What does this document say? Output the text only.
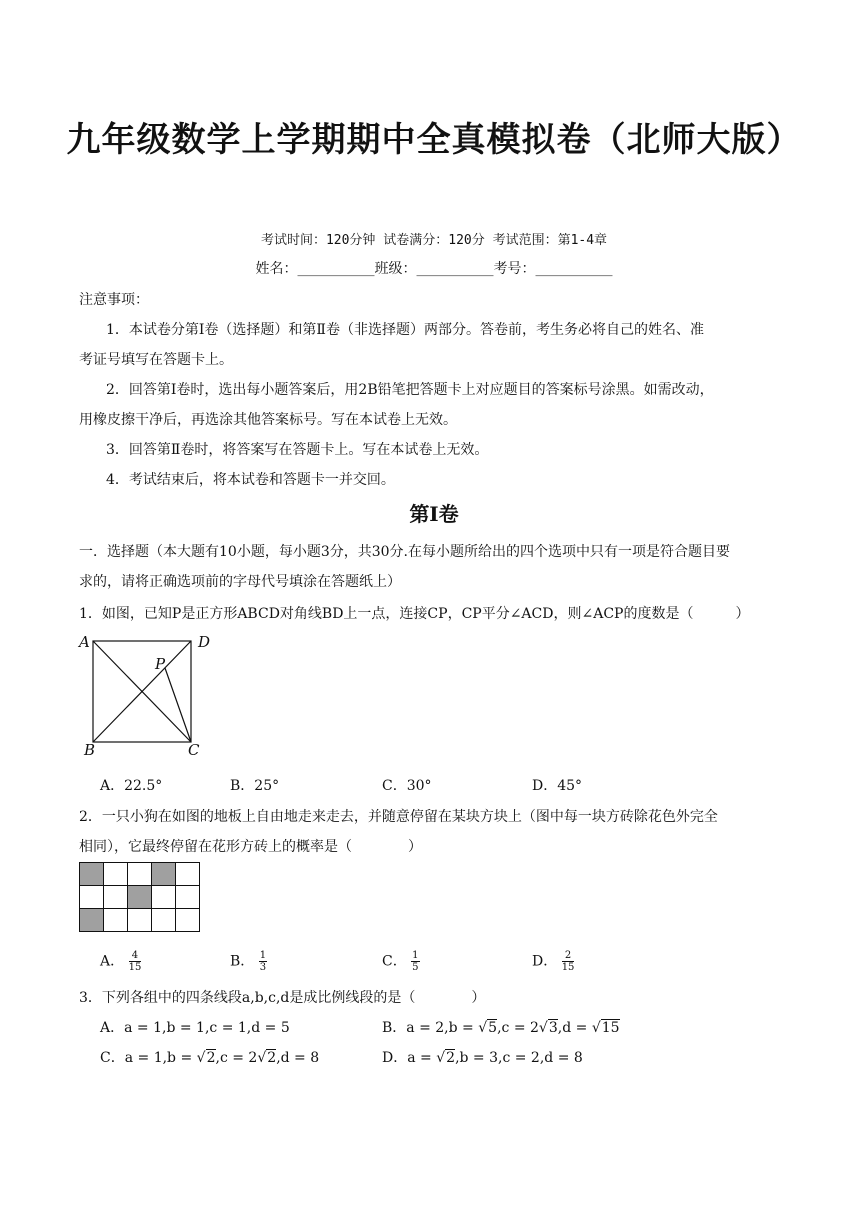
九年级数学上学期期中全真模拟卷（北师大版）
考试时间：120分钟 试卷满分：120分 考试范围：第1-4章
姓名：___________班级：___________考号：___________
注意事项：
1．本试卷分第Ⅰ卷（选择题）和第Ⅱ卷（非选择题）两部分。答卷前，考生务必将自己的姓名、准
考证号填写在答题卡上。
2．回答第Ⅰ卷时，选出每小题答案后，用2B铅笔把答题卡上对应题目的答案标号涂黑。如需改动，
用橡皮擦干净后，再选涂其他答案标号。写在本试卷上无效。
3．回答第Ⅱ卷时，将答案写在答题卡上。写在本试卷上无效。
4．考试结束后，将本试卷和答题卡一并交回。
第Ⅰ卷
一．选择题（本大题有10小题，每小题3分，共30分.在每小题所给出的四个选项中只有一项是符合题目要
求的，请将正确选项前的字母代号填涂在答题纸上）
1．如图，已知P是正方形ABCD对角线BD上一点，连接CP，CP平分∠ACD，则∠ACP的度数是（　　　）
A	D
B	C
P
A．22.5°	B．25°	C．30°	D．45°
2．一只小狗在如图的地板上自由地走来走去，并随意停留在某块方块上（图中每一块方砖除花色外完全
相同），它最终停留在花形方砖上的概率是（　　　　）

A． $\frac{4}{15}$	B． $\frac{1}{3}$	C． $\frac{1}{5}$	D． $\frac{2}{15}$
3．下列各组中的四条线段a,b,c,d是成比例线段的是（　　　　）
A．a = 1,b = 1,c = 1,d = 5	B．a = 2,b = √5,c = 2√3,d = √15
C．a = 1,b = √2,c = 2√2,d = 8	D．a = √2,b = 3,c = 2,d = 8
